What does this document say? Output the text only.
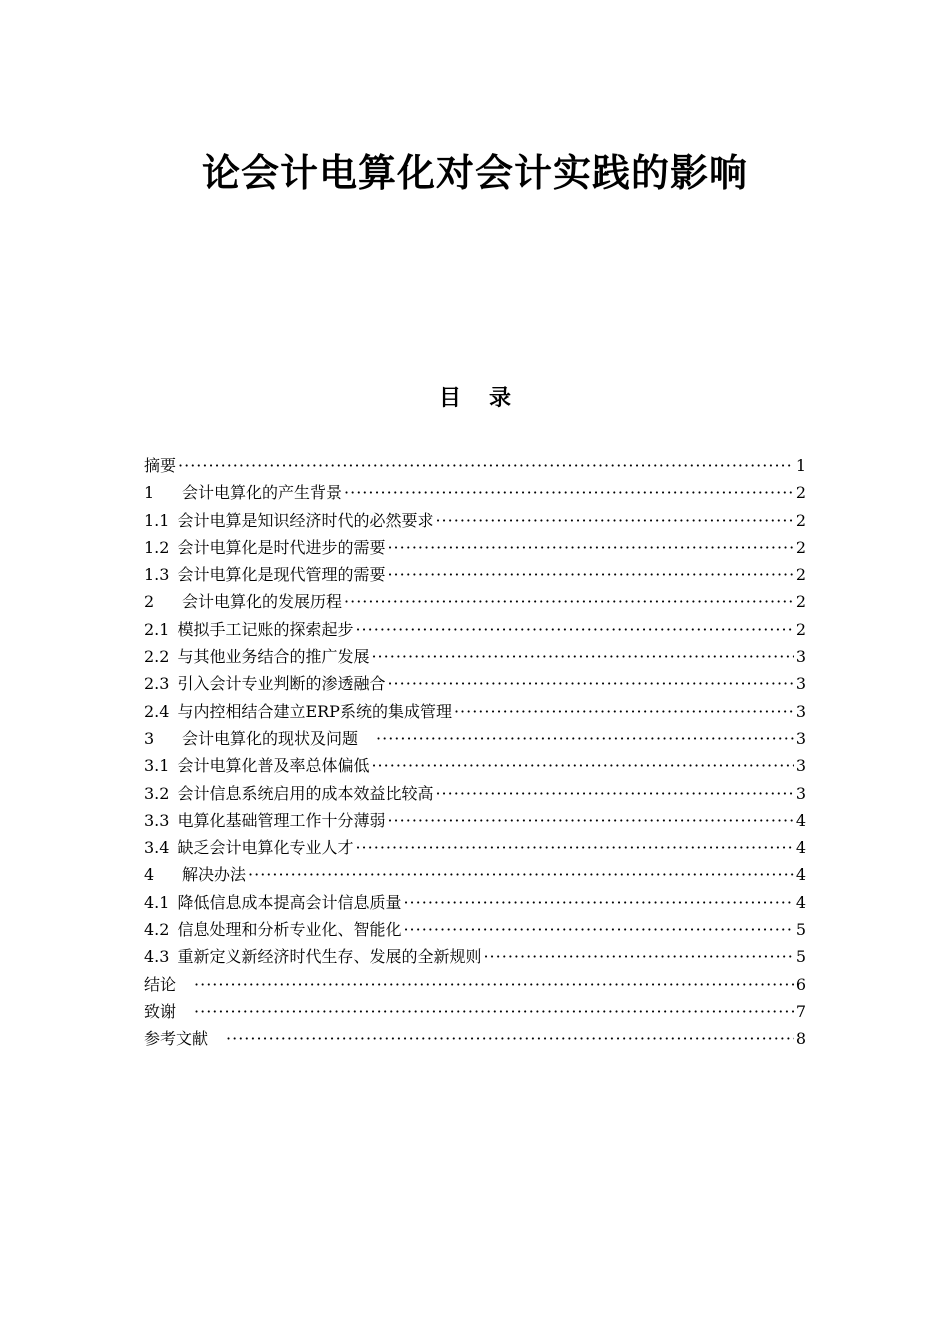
论会计电算化对会计实践的影响
目 录
摘要 ·····	1
1	会计电算化的产生背景 ·····	2
1.1 会计电算是知识经济时代的必然要求 ·····	2
1.2 会计电算化是时代进步的需要 ·····	2
1.3 会计电算化是现代管理的需要 ·····	2
2	会计电算化的发展历程 ·····	2
2.1 模拟手工记账的探索起步 ·····	2
2.2 与其他业务结合的推广发展 ·····	3
2.3 引入会计专业判断的渗透融合 ·····	3
2.4 与内控相结合建立ERP系统的集成管理 ·····	3
3	会计电算化的现状及问题 ·····	3
3.1 会计电算化普及率总体偏低 ·····	3
3.2 会计信息系统启用的成本效益比较高 ·····	3
3.3 电算化基础管理工作十分薄弱 ·····	4
3.4 缺乏会计电算化专业人才 ·····	4
4	解决办法 ·····	4
4.1 降低信息成本提高会计信息质量 ·····	4
4.2 信息处理和分析专业化、智能化 ·····	5
4.3 重新定义新经济时代生存、发展的全新规则 ·····	5
结论 ·····	6
致谢 ·····	7
参考文献 ·····	8
